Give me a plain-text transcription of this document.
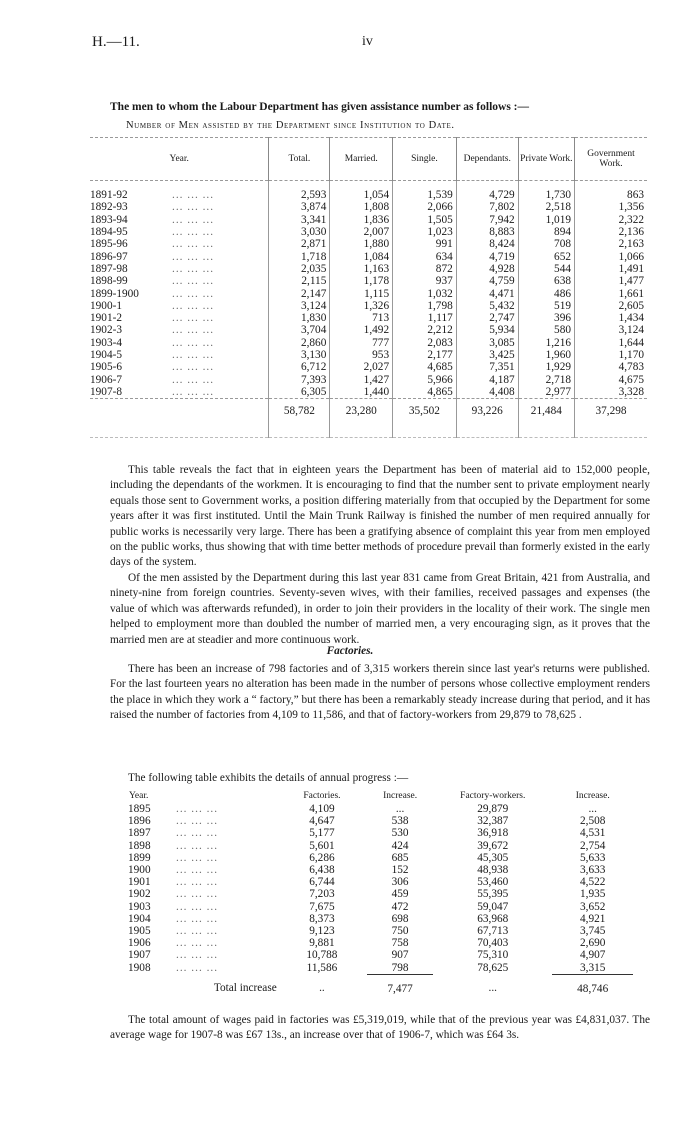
H.—11.	iv
The men to whom the Labour Department has given assistance number as follows :—
Number of Men assisted by the Department since Institution to Date.
Year.	Total.	Married.	Single.	Dependants.	Private Work.	Government Work.

1891-92 ... ... ...	2,593	1,054	1,539	4,729	1,730	863
1892-93 ... ... ...	3,874	1,808	2,066	7,802	2,518	1,356
1893-94 ... ... ...	3,341	1,836	1,505	7,942	1,019	2,322
1894-95 ... ... ...	3,030	2,007	1,023	8,883	894	2,136
1895-96 ... ... ...	2,871	1,880	991	8,424	708	2,163
1896-97 ... ... ...	1,718	1,084	634	4,719	652	1,066
1897-98 ... ... ...	2,035	1,163	872	4,928	544	1,491
1898-99 ... ... ...	2,115	1,178	937	4,759	638	1,477
1899-1900 ... ... ...	2,147	1,115	1,032	4,471	486	1,661
1900-1 ... ... ...	3,124	1,326	1,798	5,432	519	2,605
1901-2 ... ... ...	1,830	713	1,117	2,747	396	1,434
1902-3 ... ... ...	3,704	1,492	2,212	5,934	580	3,124
1903-4 ... ... ...	2,860	777	2,083	3,085	1,216	1,644
1904-5 ... ... ...	3,130	953	2,177	3,425	1,960	1,170
1905-6 ... ... ...	6,712	2,027	4,685	7,351	1,929	4,783
1906-7 ... ... ...	7,393	1,427	5,966	4,187	2,718	4,675
1907-8 ... ... ...	6,305	1,440	4,865	4,408	2,977	3,328
	58,782	23,280	35,502	93,226	21,484	37,298

This table reveals the fact that in eighteen years the Department has been of material aid to 152,000 people, including the dependants of the workmen. It is encouraging to find that the number sent to private employment nearly equals those sent to Government works, a position differing materially from that occupied by the Department for some years after it was first instituted. Until the Main Trunk Railway is finished the number of men required annually for public works is necessarily very large. There has been a gratifying absence of complaint this year from men employed on the public works, thus showing that with time better methods of procedure prevail than formerly existed in the early days of the system.
Of the men assisted by the Department during this last year 831 came from Great Britain, 421 from Australia, and ninety-nine from foreign countries. Seventy-seven wives, with their families, received passages and expenses (the value of which was afterwards refunded), in order to join their providers in the locality of their work. The single men helped to employment more than doubled the number of married men, a very encouraging sign, as it proves that the married men are at steadier and more continuous work.
Factories.
There has been an increase of 798 factories and of 3,315 workers therein since last year's returns were published. For the last fourteen years no alteration has been made in the number of persons whose collective employment renders the place in which they work a “ factory,” but there has been a remarkably steady increase during that period, and it has raised the number of factories from 4,109 to 11,586, and that of factory-workers from 29,879 to 78,625 .
The following table exhibits the details of annual progress :—
Year.	Factories.	Increase.	Factory-workers.	Increase.
1895 ... ... ...	4,109	...	29,879	...
1896 ... ... ...	4,647	538	32,387	2,508
1897 ... ... ...	5,177	530	36,918	4,531
1898 ... ... ...	5,601	424	39,672	2,754
1899 ... ... ...	6,286	685	45,305	5,633
1900 ... ... ...	6,438	152	48,938	3,633
1901 ... ... ...	6,744	306	53,460	4,522
1902 ... ... ...	7,203	459	55,395	1,935
1903 ... ... ...	7,675	472	59,047	3,652
1904 ... ... ...	8,373	698	63,968	4,921
1905 ... ... ...	9,123	750	67,713	3,745
1906 ... ... ...	9,881	758	70,403	2,690
1907 ... ... ...	10,788	907	75,310	4,907
1908 ... ... ...	11,586	798	78,625	3,315
Total increase	..	7,477	...	48,746
The total amount of wages paid in factories was £5,319,019, while that of the previous year was £4,831,037. The average wage for 1907-8 was £67 13s., an increase over that of 1906-7, which was £64 3s.
